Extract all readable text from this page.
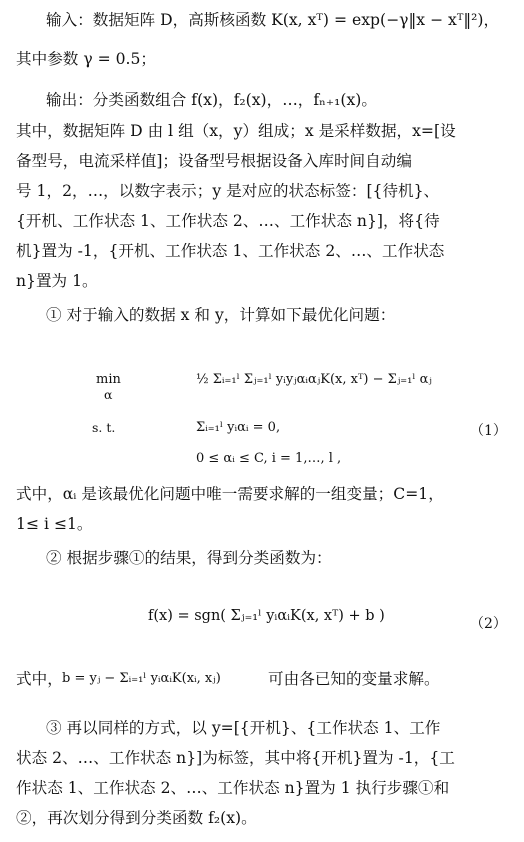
输入：数据矩阵 D，高斯核函数 K(x, xᵀ) = exp(−γ‖x − xᵀ‖²)，
其中参数 γ = 0.5；
输出：分类函数组合 f(x)，f₂(x)，…，fₙ₊₁(x)。
其中，数据矩阵 D 由 l 组（x，y）组成；x 是采样数据，x=[设
备型号，电流采样值]；设备型号根据设备入库时间自动编
号 1，2，…，以数字表示；y 是对应的状态标签：[{待机}、
{开机、工作状态 1、工作状态 2、…、工作状态 n}]，将{待
机}置为 -1，{开机、工作状态 1、工作状态 2、…、工作状态
n}置为 1。
① 对于输入的数据 x 和 y，计算如下最优化问题：
min
α
½ Σᵢ₌₁ˡ Σⱼ₌₁ˡ yᵢyⱼαᵢαⱼK(x, xᵀ) − Σⱼ₌₁ˡ αⱼ
s. t.	Σᵢ₌₁ˡ yᵢαᵢ = 0,
0 ≤ αᵢ ≤ C, i = 1,…, l ,
（1）
式中，αᵢ 是该最优化问题中唯一需要求解的一组变量；C=1，
1≤ i ≤1。
② 根据步骤①的结果，得到分类函数为：
f(x) = sgn( Σⱼ₌₁ˡ yᵢαᵢK(x, xᵀ) + b )	（2）
式中， b = yⱼ − Σᵢ₌₁ˡ yᵢαᵢK(xᵢ, xⱼ)	可由各已知的变量求解。
③ 再以同样的方式，以 y=[{开机}、{工作状态 1、工作
状态 2、…、工作状态 n}]为标签，其中将{开机}置为 -1，{工
作状态 1、工作状态 2、…、工作状态 n}置为 1 执行步骤①和
②，再次划分得到分类函数 f₂(x)。
